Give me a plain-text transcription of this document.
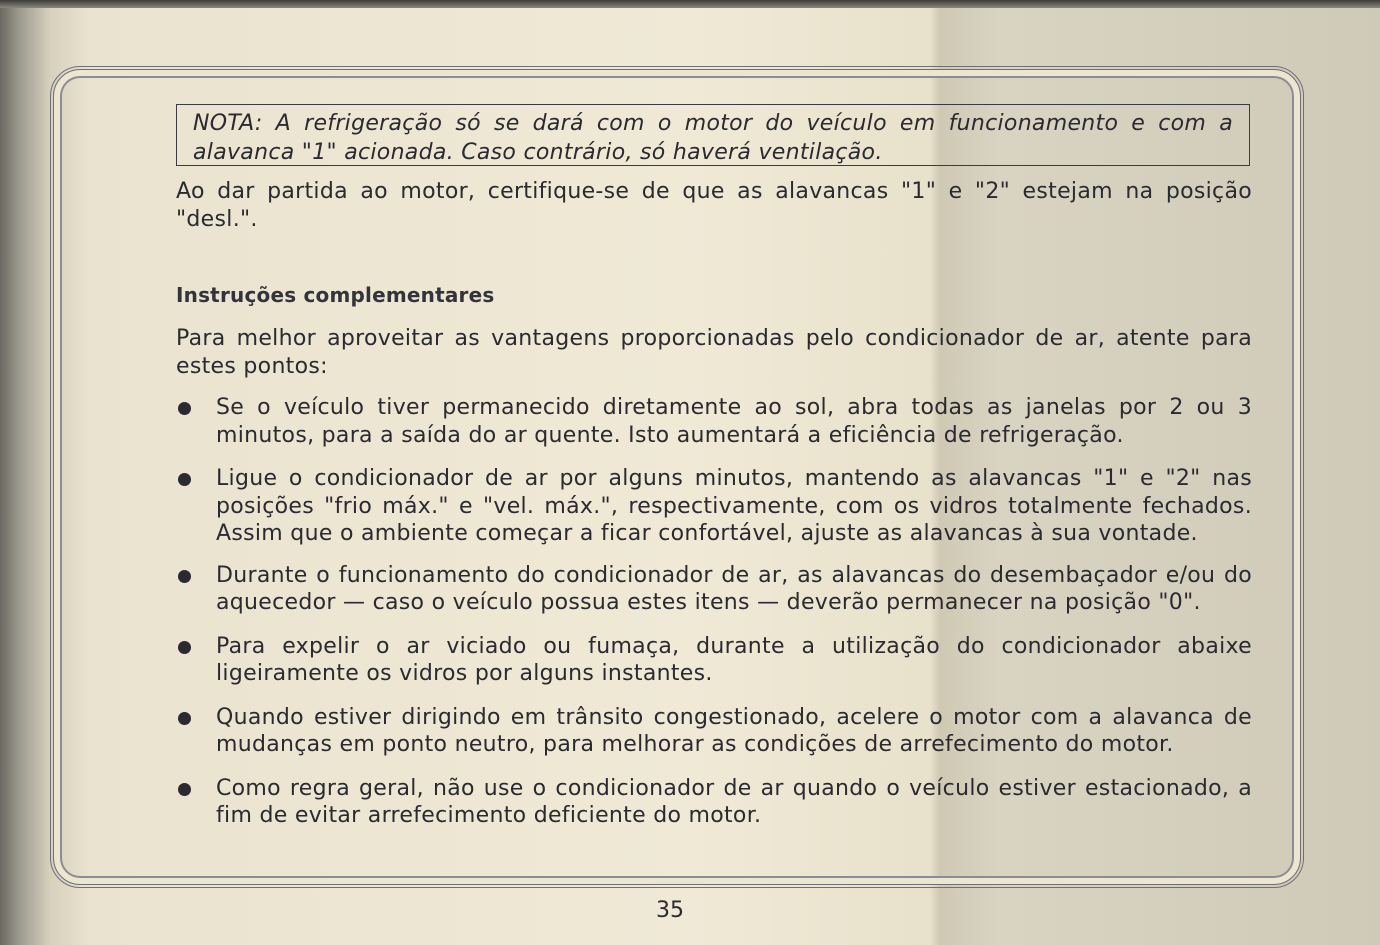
NOTA: A refrigeração só se dará com o motor do veículo em funcionamento e com a alavanca "1" acionada. Caso contrário, só haverá ventilação.
Ao dar partida ao motor, certifique-se de que as alavancas "1" e "2" estejam na posição "desl.".
Instruções complementares
Para melhor aproveitar as vantagens proporcionadas pelo condicionador de ar, atente para estes pontos:
Se o veículo tiver permanecido diretamente ao sol, abra todas as janelas por 2 ou 3 minutos, para a saída do ar quente. Isto aumentará a eficiência de refrigeração.
Ligue o condicionador de ar por alguns minutos, mantendo as alavancas "1" e "2" nas posições "frio máx." e "vel. máx.", respectivamente, com os vidros totalmente fechados. Assim que o ambiente começar a ficar confortável, ajuste as alavancas à sua vontade.
Durante o funcionamento do condicionador de ar, as alavancas do desembaçador e/ou do aquecedor — caso o veículo possua estes itens — deverão permanecer na posição "0".
Para expelir o ar viciado ou fumaça, durante a utilização do condicionador abaixe ligeiramente os vidros por alguns instantes.
Quando estiver dirigindo em trânsito congestionado, acelere o motor com a alavanca de mudanças em ponto neutro, para melhorar as condições de arrefecimento do motor.
Como regra geral, não use o condicionador de ar quando o veículo estiver estacionado, a fim de evitar arrefecimento deficiente do motor.
35
